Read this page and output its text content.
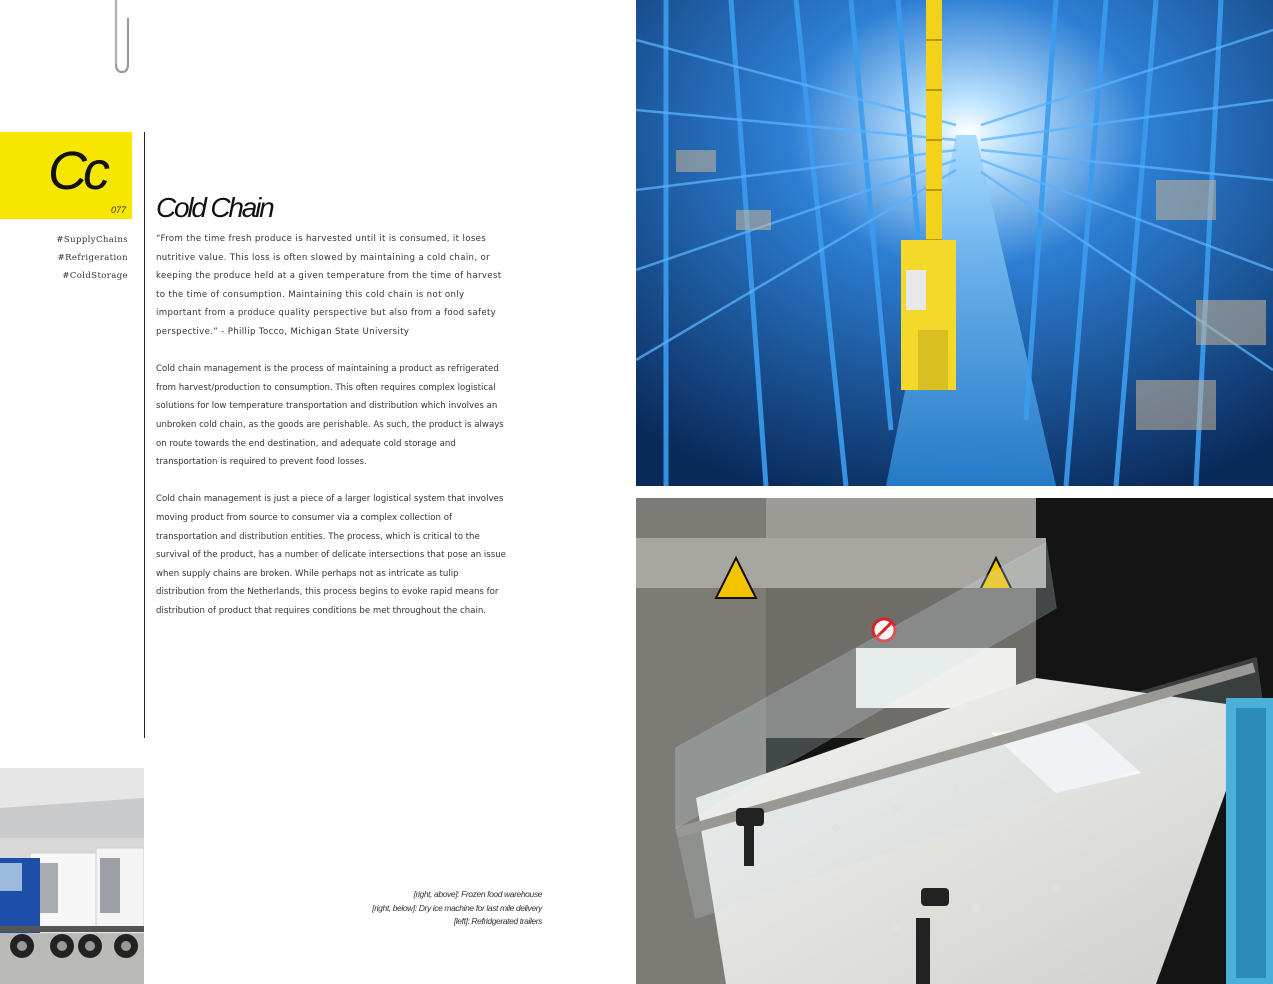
Cc
077
#SupplyChains
#Refrigeration
#ColdStorage
Cold Chain

“From the time fresh produce is harvested until it is consumed, it loses nutritive value. This loss is often slowed by maintaining a cold chain, or keeping the produce held at a given temperature from the time of harvest to the time of consumption. Maintaining this cold chain is not only important from a produce quality perspective but also from a food safety perspective.” - Phillip Tocco, Michigan State University

Cold chain management is the process of maintaining a product as refrigerated from harvest/production to consumption. This often requires complex logistical solutions for low temperature transportation and distribution which involves an unbroken cold chain, as the goods are perishable. As such, the product is always on route towards the end destination, and adequate cold storage and transportation is required to prevent food losses.

Cold chain management is just a piece of a larger logistical system that involves moving product from source to consumer via a complex collection of transportation and distribution entities. The process, which is critical to the survival of the product, has a number of delicate intersections that pose an issue when supply chains are broken. While perhaps not as intricate as tulip distribution from the Netherlands, this process begins to evoke rapid means for distribution of product that requires conditions be met throughout the chain.

[right, above]: Frozen food warehouse
[right, below]: Dry ice machine for last mile delivery
[left]: Refridgerated trailers
